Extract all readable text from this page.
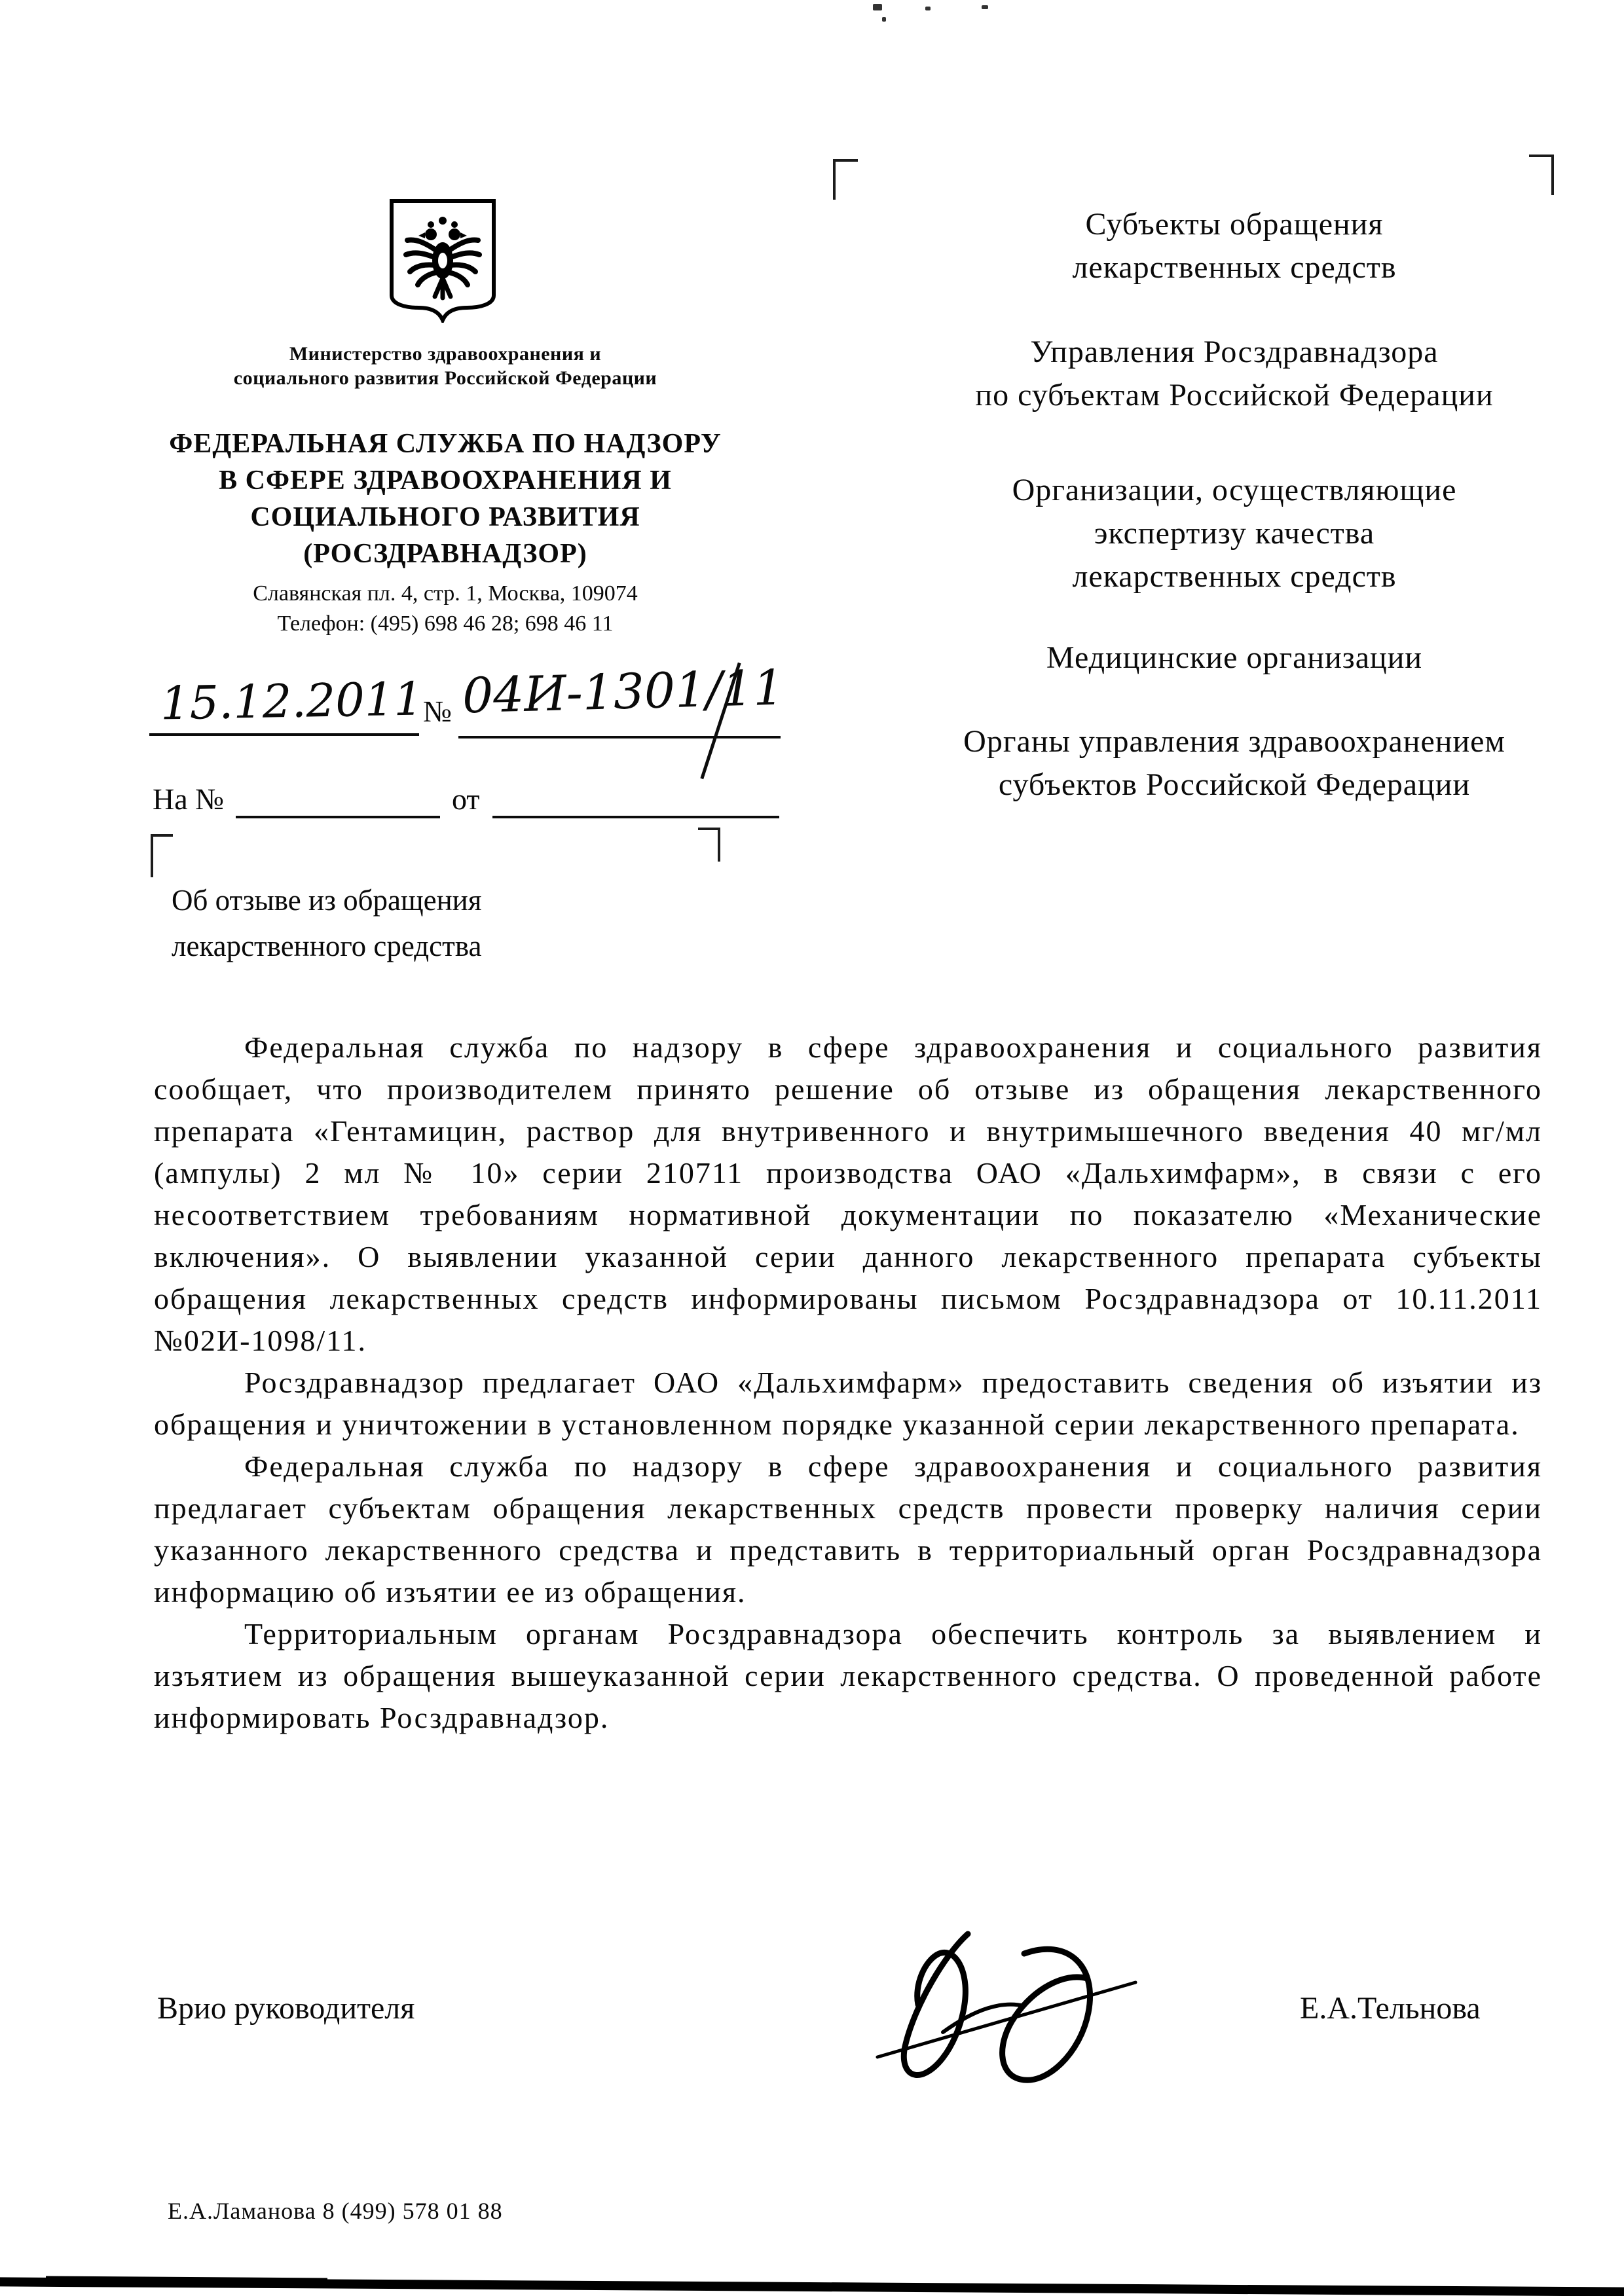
Министерство здравоохранения и
социального развития Российской Федерации
ФЕДЕРАЛЬНАЯ СЛУЖБА ПО НАДЗОРУ
В СФЕРЕ ЗДРАВООХРАНЕНИЯ И
СОЦИАЛЬНОГО РАЗВИТИЯ
(РОСЗДРАВНАДЗОР)
Славянская пл. 4, стр. 1, Москва, 109074
Телефон: (495) 698 46 28; 698 46 11
15.12.2011 № 04И-1301/11
На №	от
Об отзыве из обращения
лекарственного средства
Субъекты обращения
лекарственных средств
Управления Росздравнадзора
по субъектам Российской Федерации
Организации, осуществляющие
экспертизу качества
лекарственных средств
Медицинские организации
Органы управления здравоохранением
субъектов Российской Федерации

Федеральная служба по надзору в сфере здравоохранения и социального развития сообщает, что производителем принято решение об отзыве из обращения лекарственного препарата «Гентамицин, раствор для внутривенного и внутримышечного введения 40 мг/мл (ампулы) 2 мл № 10» серии 210711 производства ОАО «Дальхимфарм», в связи с его несоответствием требованиям нормативной документации по показателю «Механические включения». О выявлении указанной серии данного лекарственного препарата субъекты обращения лекарственных средств информированы письмом Росздравнадзора от 10.11.2011 №02И-1098/11.

Росздравнадзор предлагает ОАО «Дальхимфарм» предоставить сведения об изъятии из обращения и уничтожении в установленном порядке указанной серии лекарственного препарата.

Федеральная служба по надзору в сфере здравоохранения и социального развития предлагает субъектам обращения лекарственных средств провести проверку наличия серии указанного лекарственного средства и представить в территориальный орган Росздравнадзора информацию об изъятии ее из обращения.

Территориальным органам Росздравнадзора обеспечить контроль за выявлением и изъятием из обращения вышеуказанной серии лекарственного средства. О проведенной работе информировать Росздравнадзор.

Врио руководителя	Е.А.Тельнова
Е.А.Ламанова 8 (499) 578 01 88
